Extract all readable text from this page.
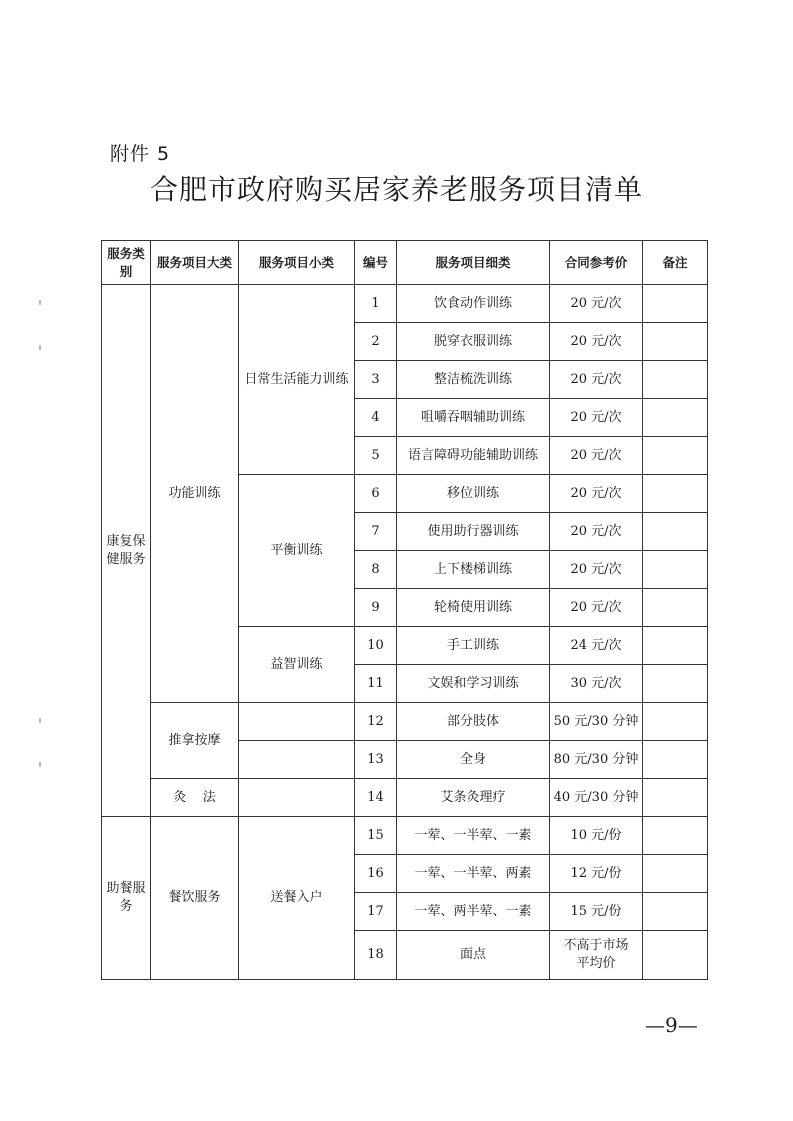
附件 5
合肥市政府购买居家养老服务项目清单
服务类别	服务项目大类	服务项目小类	编号	服务项目细类	合同参考价	备注
康复保健服务	功能训练	日常生活能力训练	1	饮食动作训练	20 元/次	
			2	脱穿衣服训练	20 元/次	
			3	整洁梳洗训练	20 元/次	
			4	咀嚼吞咽辅助训练	20 元/次	
			5	语言障碍功能辅助训练	20 元/次	
		平衡训练	6	移位训练	20 元/次	
			7	使用助行器训练	20 元/次	
			8	上下楼梯训练	20 元/次	
			9	轮椅使用训练	20 元/次	
		益智训练	10	手工训练	24 元/次	
			11	文娱和学习训练	30 元/次	
	推拿按摩		12	部分肢体	50 元/30 分钟	
			13	全身	80 元/30 分钟	
	灸    法		14	艾条灸理疗	40 元/30 分钟	
助餐服务	餐饮服务	送餐入户	15	一荤、一半荤、一素	10 元/份	
			16	一荤、一半荤、两素	12 元/份	
			17	一荤、两半荤、一素	15 元/份	
			18	面点	不高于市场平均价	
—9—
